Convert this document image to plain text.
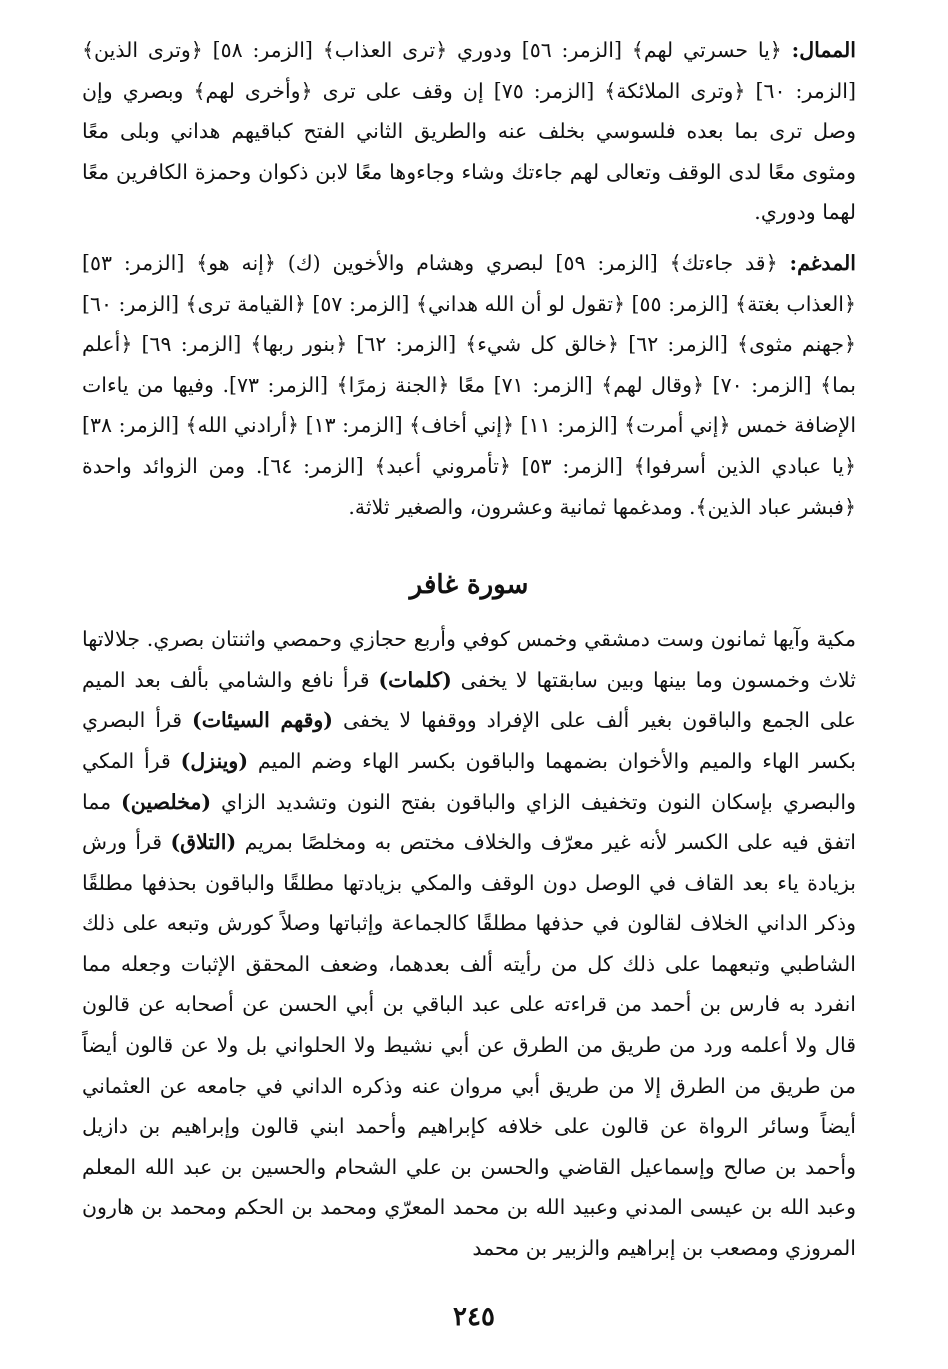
الممال: ﴿يا حسرتي لهم﴾ [الزمر: ٥٦] ودوري ﴿ترى العذاب﴾ [الزمر: ٥٨] ﴿وترى الذين﴾ [الزمر: ٦٠] ﴿وترى الملائكة﴾ [الزمر: ٧٥] إن وقف على ترى ﴿وأخرى لهم﴾ وبصري وإن وصل ترى بما بعده فلسوسي بخلف عنه والطريق الثاني الفتح كباقيهم هداني وبلى معًا ومثوى معًا لدى الوقف وتعالى لهم جاءتك وشاء وجاءوها معًا لابن ذكوان وحمزة الكافرين معًا لهما ودوري.

المدغم: ﴿قد جاءتك﴾ [الزمر: ٥٩] لبصري وهشام والأخوين (ك) ﴿إنه هو﴾ [الزمر: ٥٣] ﴿العذاب بغتة﴾ [الزمر: ٥٥] ﴿تقول لو أن الله هداني﴾ [الزمر: ٥٧] ﴿القيامة ترى﴾ [الزمر: ٦٠] ﴿جهنم مثوى﴾ [الزمر: ٦٢] ﴿خالق كل شيء﴾ [الزمر: ٦٢] ﴿بنور ربها﴾ [الزمر: ٦٩] ﴿أعلم بما﴾ [الزمر: ٧٠] ﴿وقال لهم﴾ [الزمر: ٧١] معًا ﴿الجنة زمرًا﴾ [الزمر: ٧٣]. وفيها من ياءات الإضافة خمس ﴿إني أمرت﴾ [الزمر: ١١] ﴿إني أخاف﴾ [الزمر: ١٣] ﴿أرادني الله﴾ [الزمر: ٣٨] ﴿يا عبادي الذين أسرفوا﴾ [الزمر: ٥٣] ﴿تأمروني أعبد﴾ [الزمر: ٦٤]. ومن الزوائد واحدة ﴿فبشر عباد الذين﴾. ومدغمها ثمانية وعشرون، والصغير ثلاثة.

سورة غافر

مكية وآيها ثمانون وست دمشقي وخمس كوفي وأربع حجازي وحمصي واثنتان بصري. جلالاتها ثلاث وخمسون وما بينها وبين سابقتها لا يخفى (كلمات) قرأ نافع والشامي بألف بعد الميم على الجمع والباقون بغير ألف على الإفراد ووقفها لا يخفى (وقهم السيئات) قرأ البصري بكسر الهاء والميم والأخوان بضمهما والباقون بكسر الهاء وضم الميم (وينزل) قرأ المكي والبصري بإسكان النون وتخفيف الزاي والباقون بفتح النون وتشديد الزاي (مخلصين) مما اتفق فيه على الكسر لأنه غير معرّف والخلاف مختص به ومخلصًا بمريم (التلاق) قرأ ورش بزيادة ياء بعد القاف في الوصل دون الوقف والمكي بزيادتها مطلقًا والباقون بحذفها مطلقًا وذكر الداني الخلاف لقالون في حذفها مطلقًا كالجماعة وإثباتها وصلاً كورش وتبعه على ذلك الشاطبي وتبعهما على ذلك كل من رأيته ألف بعدهما، وضعف المحقق الإثبات وجعله مما انفرد به فارس بن أحمد من قراءته على عبد الباقي بن أبي الحسن عن أصحابه عن قالون قال ولا أعلمه ورد من طريق من الطرق عن أبي نشيط ولا الحلواني بل ولا عن قالون أيضاً من طريق من الطرق إلا من طريق أبي مروان عنه وذكره الداني في جامعه عن العثماني أيضاً وسائر الرواة عن قالون على خلافه كإبراهيم وأحمد ابني قالون وإبراهيم بن دازيل وأحمد بن صالح وإسماعيل القاضي والحسن بن علي الشحام والحسين بن عبد الله المعلم وعبد الله بن عيسى المدني وعبيد الله بن محمد المعرّي ومحمد بن الحكم ومحمد بن هارون المروزي ومصعب بن إبراهيم والزبير بن محمد

٢٤٥
